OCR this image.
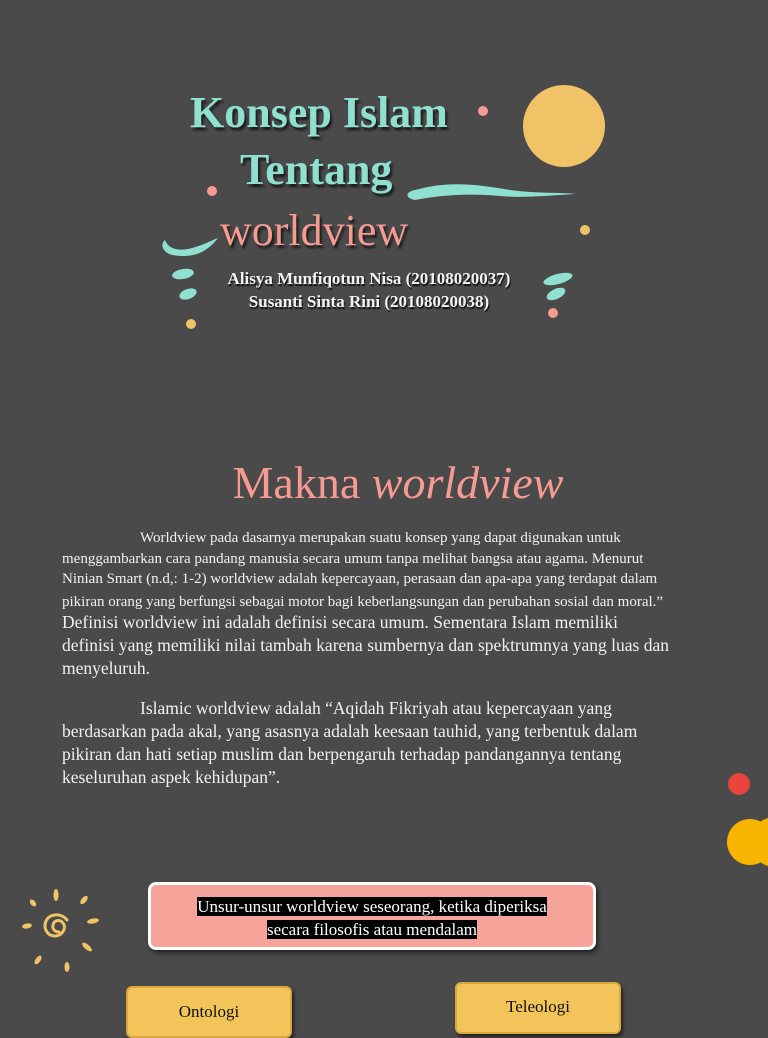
Konsep Islam
Tentang
worldview
Alisya Munfiqotun Nisa (20108020037)
Susanti Sinta Rini (20108020038)
Makna worldview
Worldview pada dasarnya merupakan suatu konsep yang dapat digunakan untuk menggambarkan cara pandang manusia secara umum tanpa melihat bangsa atau agama. Menurut Ninian Smart (n.d,: 1-2) worldview adalah kepercayaan, perasaan dan apa-apa yang terdapat dalam pikiran orang yang berfungsi sebagai motor bagi keberlangsungan dan perubahan sosial dan moral.” Definisi worldview ini adalah definisi secara umum. Sementara Islam memiliki definisi yang memiliki nilai tambah karena sumbernya dan spektrumnya yang luas dan menyeluruh.
Islamic worldview adalah “Aqidah Fikriyah atau kepercayaan yang berdasarkan pada akal, yang asasnya adalah keesaan tauhid, yang terbentuk dalam pikiran dan hati setiap muslim dan berpengaruh terhadap pandangannya tentang keseluruhan aspek kehidupan”.
Unsur-unsur worldview seseorang, ketika diperiksa
secara filosofis atau mendalam
Ontologi	Teleologi
